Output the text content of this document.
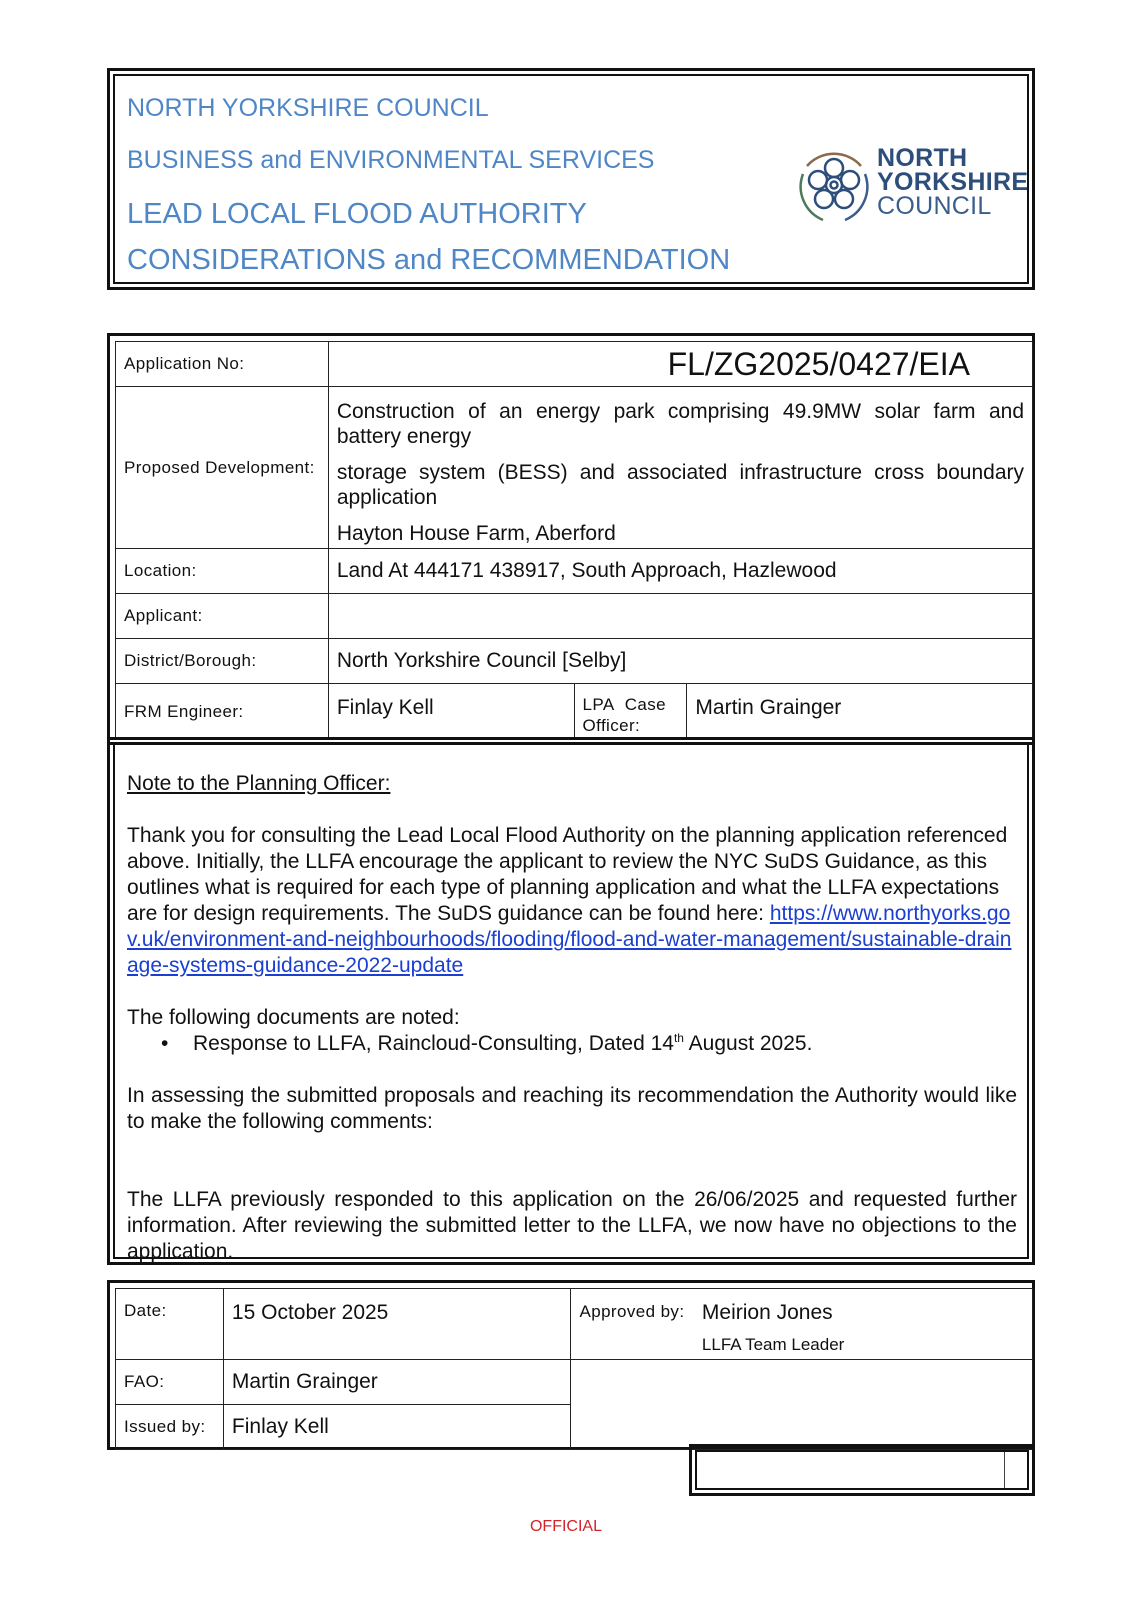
NORTH YORKSHIRE COUNCIL
BUSINESS and ENVIRONMENTAL SERVICES
LEAD LOCAL FLOOD AUTHORITY
CONSIDERATIONS and RECOMMENDATION
NORTH
YORKSHIRE
COUNCIL
Application No:	FL/ZG2025/0427/EIA		
Proposed Development:	Construction of an energy park comprising 49.9MW solar farm and battery energy
storage system (BESS) and associated infrastructure cross boundary application
Hayton House Farm, Aberford		

Location:	Land At 444171 438917, South Approach, Hazlewood		
Applicant:			
District/Borough:	North Yorkshire Council [Selby]		
FRM Engineer:	Finlay Kell	LPA Case Officer:	Martin Grainger
Note to the Planning Officer:
Thank you for consulting the Lead Local Flood Authority on the planning application referenced above. Initially, the LLFA encourage the applicant to review the NYC SuDS Guidance, as this outlines what is required for each type of planning application and what the LLFA expectations are for design requirements. The SuDS guidance can be found here: https://www.northyorks.gov.uk/environment-and-neighbourhoods/flooding/flood-and-water-management/sustainable-drainage-systems-guidance-2022-update
The following documents are noted:
• Response to LLFA, Raincloud-Consulting, Dated 14th August 2025.
In assessing the submitted proposals and reaching its recommendation the Authority would like to make the following comments:
The LLFA previously responded to this application on the 26/06/2025 and requested further information. After reviewing the submitted letter to the LLFA, we now have no objections to the application.
Date:	15 October 2025	Approved by:	Meirion Jones
LLFA Team Leader

FAO:	Martin Grainger		
Issued by:	Finlay Kell		
OFFICIAL
